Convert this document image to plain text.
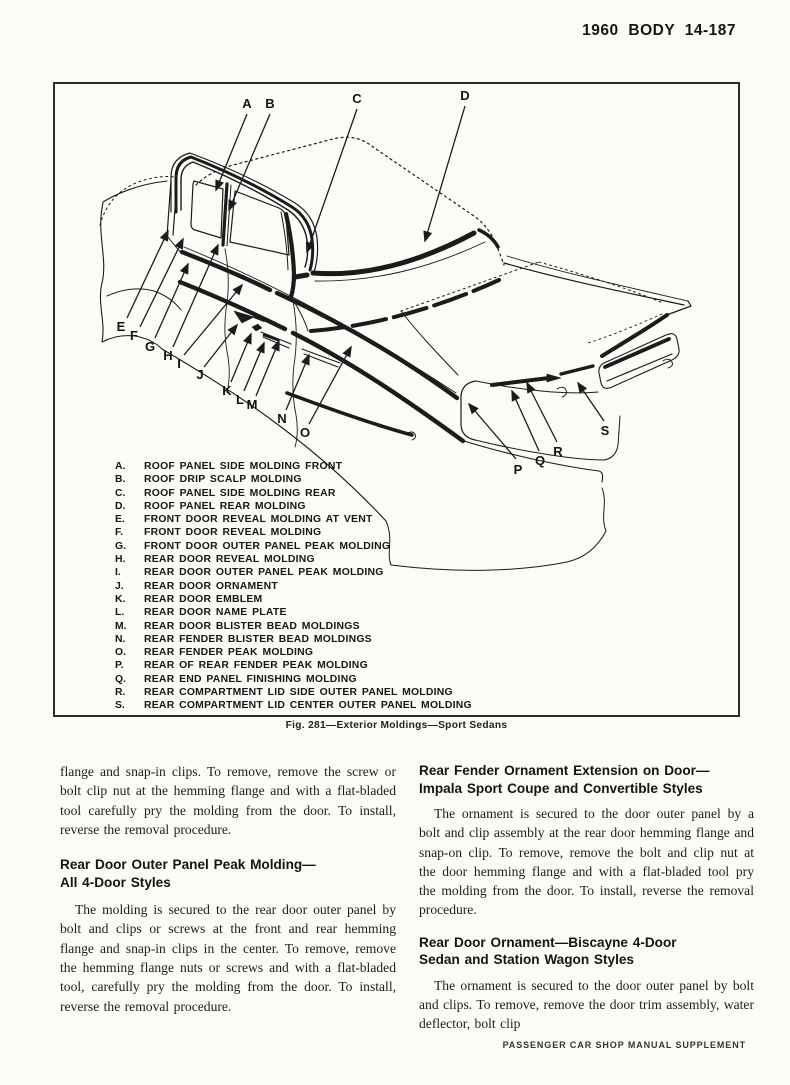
1960 BODY 14-187
A B	C	D
E
F
G
H
I
J
K
L M
N
O
P
Q
R
S
A.	ROOF PANEL SIDE MOLDING FRONT
B.	ROOF DRIP SCALP MOLDING
C.	ROOF PANEL SIDE MOLDING REAR
D.	ROOF PANEL REAR MOLDING
E.	FRONT DOOR REVEAL MOLDING AT VENT
F.	FRONT DOOR REVEAL MOLDING
G.	FRONT DOOR OUTER PANEL PEAK MOLDING
H.	REAR DOOR REVEAL MOLDING
I.	REAR DOOR OUTER PANEL PEAK MOLDING
J.	REAR DOOR ORNAMENT
K.	REAR DOOR EMBLEM
L.	REAR DOOR NAME PLATE
M.	REAR DOOR BLISTER BEAD MOLDINGS
N.	REAR FENDER BLISTER BEAD MOLDINGS
O.	REAR FENDER PEAK MOLDING
P.	REAR OF REAR FENDER PEAK MOLDING
Q.	REAR END PANEL FINISHING MOLDING
R.	REAR COMPARTMENT LID SIDE OUTER PANEL MOLDING
S.	REAR COMPARTMENT LID CENTER OUTER PANEL MOLDING
Fig. 281—Exterior Moldings—Sport Sedans

flange and snap-in clips. To remove, remove the screw or bolt clip nut at the hemming flange and with a flat-bladed tool carefully pry the molding from the door. To install, reverse the removal procedure.

Rear Door Outer Panel Peak Molding—
All 4-Door Styles

The molding is secured to the rear door outer panel by bolt and clips or screws at the front and rear hemming flange and snap-in clips in the center. To remove, remove the hemming flange nuts or screws and with a flat-bladed tool, carefully pry the molding from the door. To install, reverse the removal procedure.

Rear Fender Ornament Extension on Door—
Impala Sport Coupe and Convertible Styles

The ornament is secured to the door outer panel by a bolt and clip assembly at the rear door hemming flange and snap-on clip. To remove, remove the bolt and clip nut at the door hemming flange and with a flat-bladed tool pry the molding from the door. To install, reverse the removal procedure.

Rear Door Ornament—Biscayne 4-Door
Sedan and Station Wagon Styles

The ornament is secured to the door outer panel by bolt and clips. To remove, remove the door trim assembly, water deflector, bolt clip

PASSENGER CAR SHOP MANUAL SUPPLEMENT
